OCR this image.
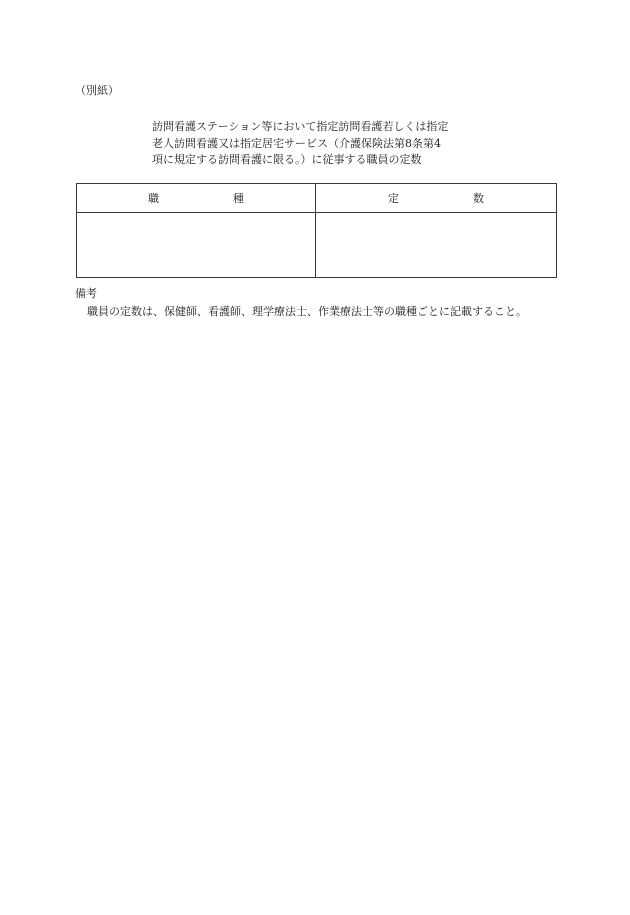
（別紙）
訪問看護ステーション等において指定訪問看護若しくは指定
老人訪問看護又は指定居宅サービス（介護保険法第8条第4
項に規定する訪問看護に限る。）に従事する職員の定数
職 種	定 数

備考
職員の定数は、保健師、看護師、理学療法士、作業療法士等の職種ごとに記載すること。
